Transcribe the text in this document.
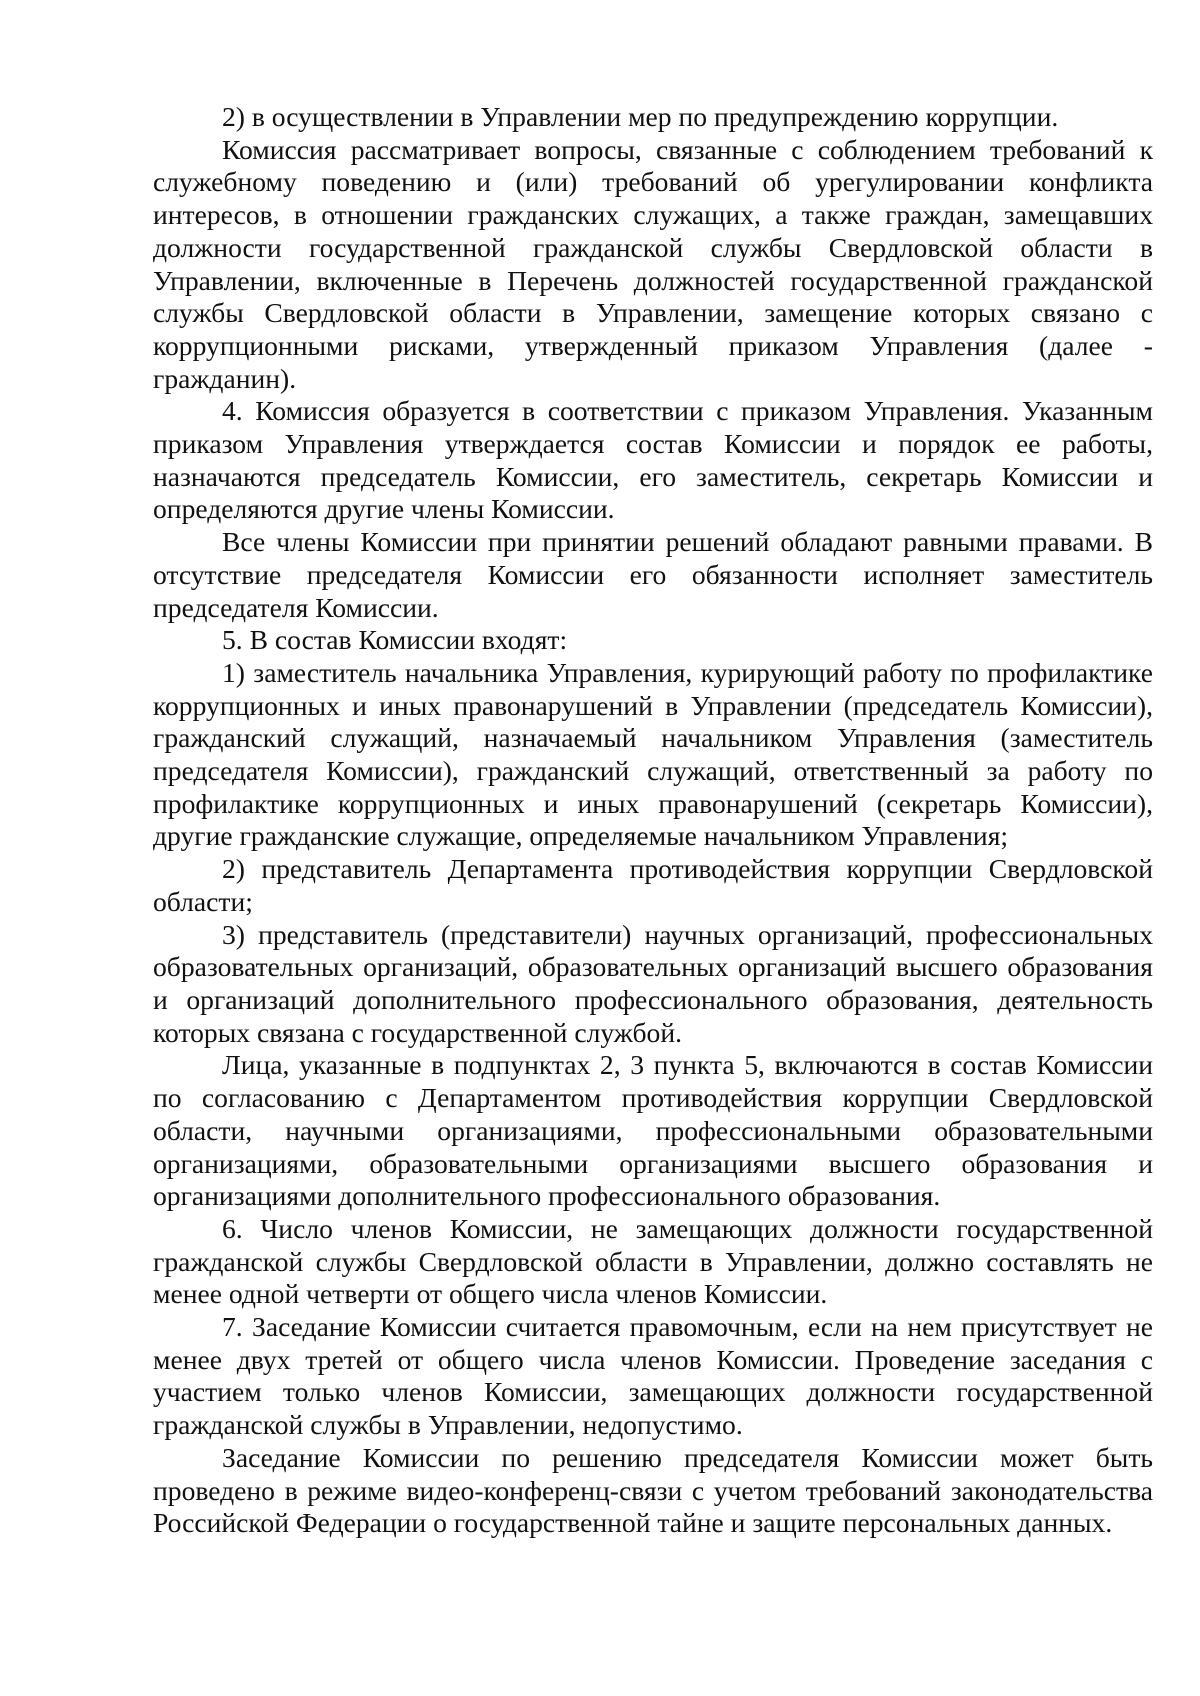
2) в осуществлении в Управлении мер по предупреждению коррупции.

Комиссия рассматривает вопросы, связанные с соблюдением требований к служебному поведению и (или) требований об урегулировании конфликта интересов, в отношении гражданских служащих, а также граждан, замещавших должности государственной гражданской службы Свердловской области в Управлении, включенные в Перечень должностей государственной гражданской службы Свердловской области в Управлении, замещение которых связано с коррупционными рисками, утвержденный приказом Управления (далее - гражданин).

4. Комиссия образуется в соответствии с приказом Управления. Указанным приказом Управления утверждается состав Комиссии и порядок ее работы, назначаются председатель Комиссии, его заместитель, секретарь Комиссии и определяются другие члены Комиссии.

Все члены Комиссии при принятии решений обладают равными правами. В отсутствие председателя Комиссии его обязанности исполняет заместитель председателя Комиссии.

5. В состав Комиссии входят:

1) заместитель начальника Управления, курирующий работу по профилактике коррупционных и иных правонарушений в Управлении (председатель Комиссии), гражданский служащий, назначаемый начальником Управления (заместитель председателя Комиссии), гражданский служащий, ответственный за работу по профилактике коррупционных и иных правонарушений (секретарь Комиссии), другие гражданские служащие, определяемые начальником Управления;

2) представитель Департамента противодействия коррупции Свердловской области;

3) представитель (представители) научных организаций, профессиональных образовательных организаций, образовательных организаций высшего образования и организаций дополнительного профессионального образования, деятельность которых связана с государственной службой.

Лица, указанные в подпунктах 2, 3 пункта 5, включаются в состав Комиссии по согласованию с Департаментом противодействия коррупции Свердловской области, научными организациями, профессиональными образовательными организациями, образовательными организациями высшего образования и организациями дополнительного профессионального образования.

6. Число членов Комиссии, не замещающих должности государственной гражданской службы Свердловской области в Управлении, должно составлять не менее одной четверти от общего числа членов Комиссии.

7. Заседание Комиссии считается правомочным, если на нем присутствует не менее двух третей от общего числа членов Комиссии. Проведение заседания с участием только членов Комиссии, замещающих должности государственной гражданской службы в Управлении, недопустимо.

Заседание Комиссии по решению председателя Комиссии может быть проведено в режиме видео-конференц-связи с учетом требований законодательства Российской Федерации о государственной тайне и защите персональных данных.
